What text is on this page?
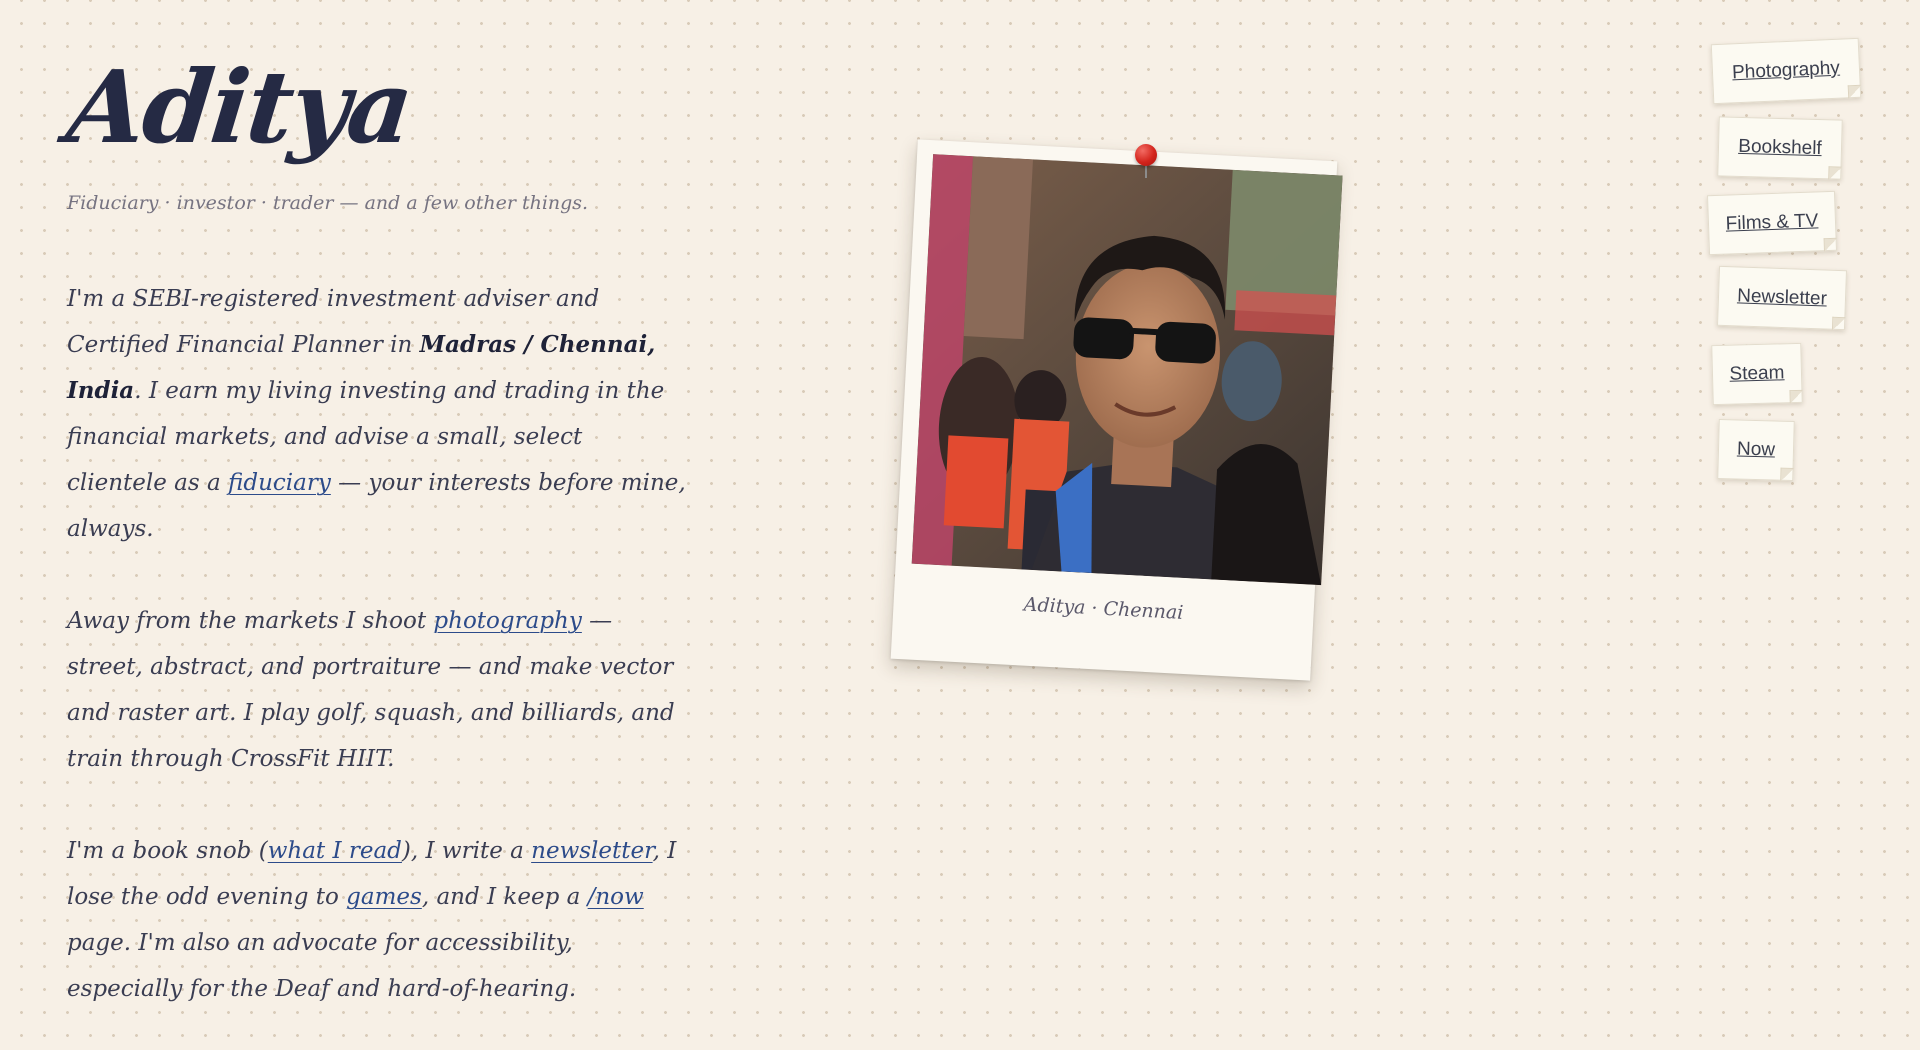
Aditya

Fiduciary · investor · trader — and a few other things.

I'm a SEBI-registered investment adviser and Certified Financial Planner in Madras / Chennai, India. I earn my living investing and trading in the financial markets, and advise a small, select clientele as a fiduciary — your interests before mine, always.

Away from the markets I shoot photography — street, abstract, and portraiture — and make vector and raster art. I play golf, squash, and billiards, and train through CrossFit HIIT.

I'm a book snob (what I read), I write a newsletter, I lose the odd evening to games, and I keep a /now page. I'm also an advocate for accessibility, especially for the Deaf and hard-of-hearing.

Aditya · Chennai
Photography
Bookshelf
Films & TV
Newsletter
Steam
Now
